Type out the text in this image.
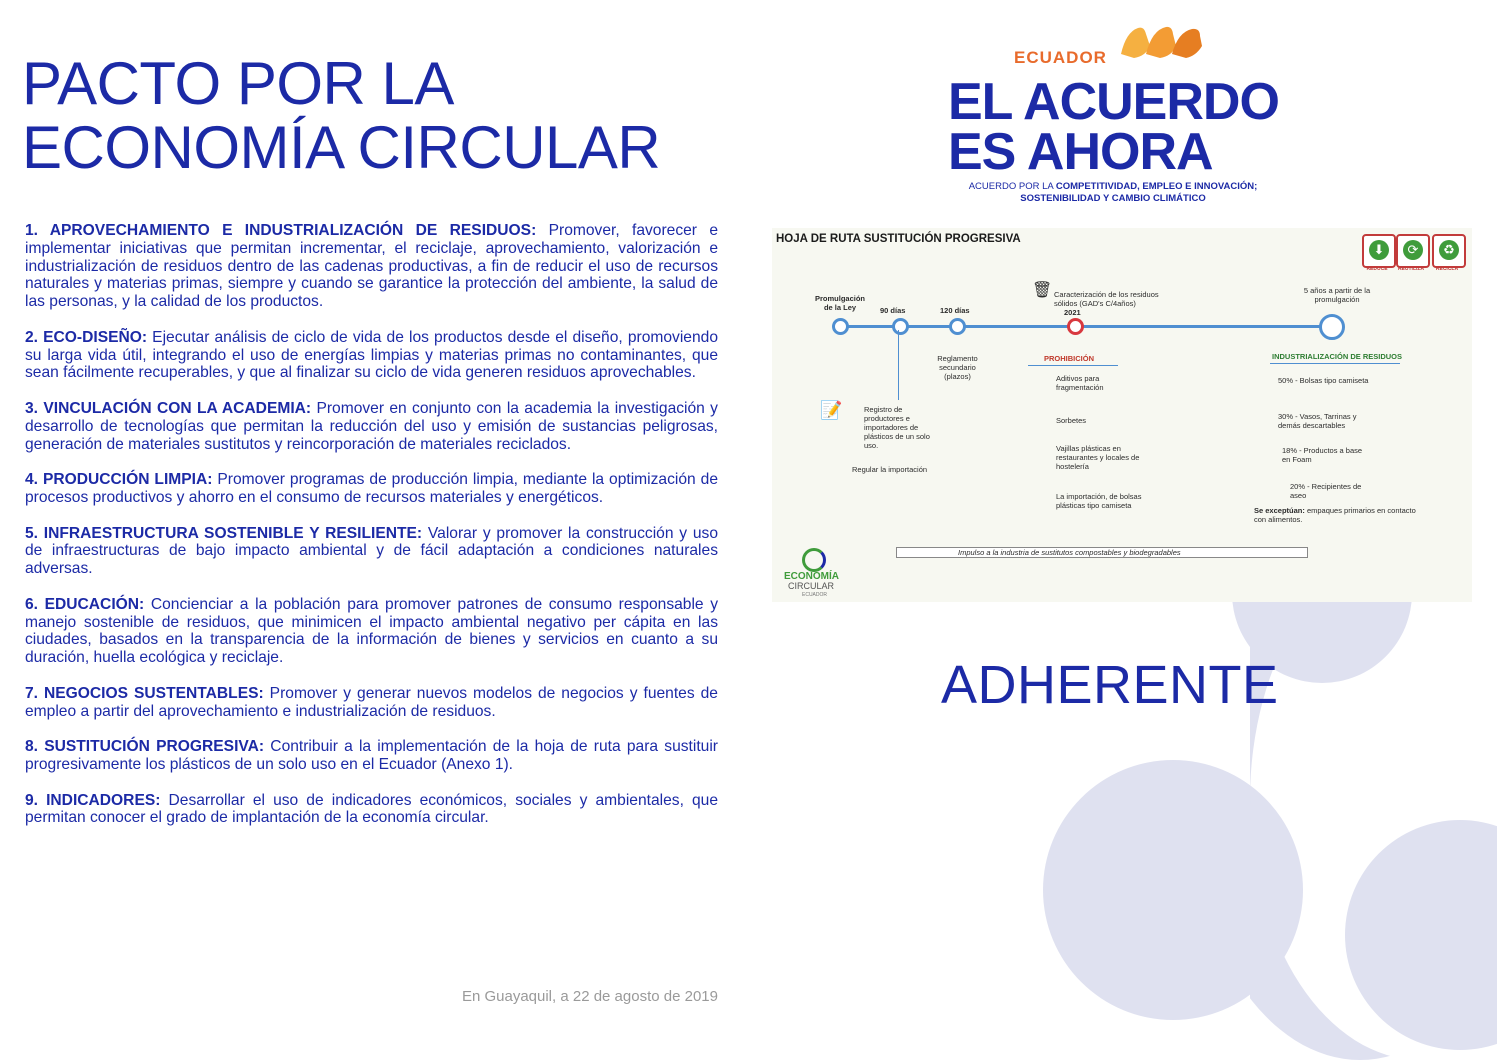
PACTO POR LA
ECONOMÍA CIRCULAR

1. APROVECHAMIENTO E INDUSTRIALIZACIÓN DE RESIDUOS: Promover, favorecer e implementar iniciativas que permitan incrementar, el reciclaje, aprovechamiento, valorización e industrialización de residuos dentro de las cadenas productivas, a fin de reducir el uso de recursos naturales y materias primas, siempre y cuando se garantice la protección del ambiente, la salud de las personas, y la calidad de los productos.

2. ECO-DISEÑO: Ejecutar análisis de ciclo de vida de los productos desde el diseño, promoviendo su larga vida útil, integrando el uso de energías limpias y materias primas no contaminantes, que sean fácilmente recuperables, y que al finalizar su ciclo de vida generen residuos aprovechables.

3. VINCULACIÓN CON LA ACADEMIA: Promover en conjunto con la academia la investigación y desarrollo de tecnologías que permitan la reducción del uso y emisión de sustancias peligrosas, generación de materiales sustitutos y reincorporación de materiales reciclados.

4. PRODUCCIÓN LIMPIA: Promover programas de producción limpia, mediante la optimización de procesos productivos y ahorro en el consumo de recursos materiales y energéticos.

5. INFRAESTRUCTURA SOSTENIBLE Y RESILIENTE: Valorar y promover la construcción y uso de infraestructuras de bajo impacto ambiental y de fácil adaptación a condiciones naturales adversas.

6. EDUCACIÓN: Concienciar a la población para promover patrones de consumo responsable y manejo sostenible de residuos, que minimicen el impacto ambiental negativo per cápita en las ciudades, basados en la transparencia de la información de bienes y servicios en cuanto a su duración, huella ecológica y reciclaje.

7. NEGOCIOS SUSTENTABLES: Promover y generar nuevos modelos de negocios y fuentes de empleo a partir del aprovechamiento e industrialización de residuos.

8. SUSTITUCIÓN PROGRESIVA: Contribuir a la implementación de la hoja de ruta para sustituir progresivamente los plásticos de un solo uso en el Ecuador (Anexo 1).

9. INDICADORES: Desarrollar el uso de indicadores económicos, sociales y ambientales, que permitan conocer el grado de implantación de la economía circular.

En Guayaquil, a 22 de agosto de 2019
ECUADOR
EL ACUERDO
ES AHORA
ACUERDO POR LA COMPETITIVIDAD, EMPLEO E INNOVACIÓN;
SOSTENIBILIDAD Y CAMBIO CLIMÁTICO
HOJA DE RUTA SUSTITUCIÓN PROGRESIVA
⬇
REDUCE
⟳
REUTILIZA
♻
RECICLA
Promulgación de la Ley	90 días	120 días
🗑 Caracterización de los residuos sólidos (GAD's C/4años)
2021
5 años a partir de la promulgación
Reglamento secundario (plazos)
📝	Registro de productores e importadores de plásticos de un solo uso.
Regular la importación
PROHIBICIÓN
Aditivos para fragmentación
Sorbetes
Vajillas plásticas en restaurantes y locales de hostelería
La importación, de bolsas plásticas tipo camiseta
INDUSTRIALIZACIÓN DE RESIDUOS
50% - Bolsas tipo camiseta
30% - Vasos, Tarrinas y demás descartables
18% - Productos a base en Foam
20% - Recipientes de aseo
Se exceptúan: empaques primarios en contacto con alimentos.
Impulso a la industria de sustitutos compostables y biodegradables
ECONOMÍA
CIRCULAR
ECUADOR
ADHERENTE
